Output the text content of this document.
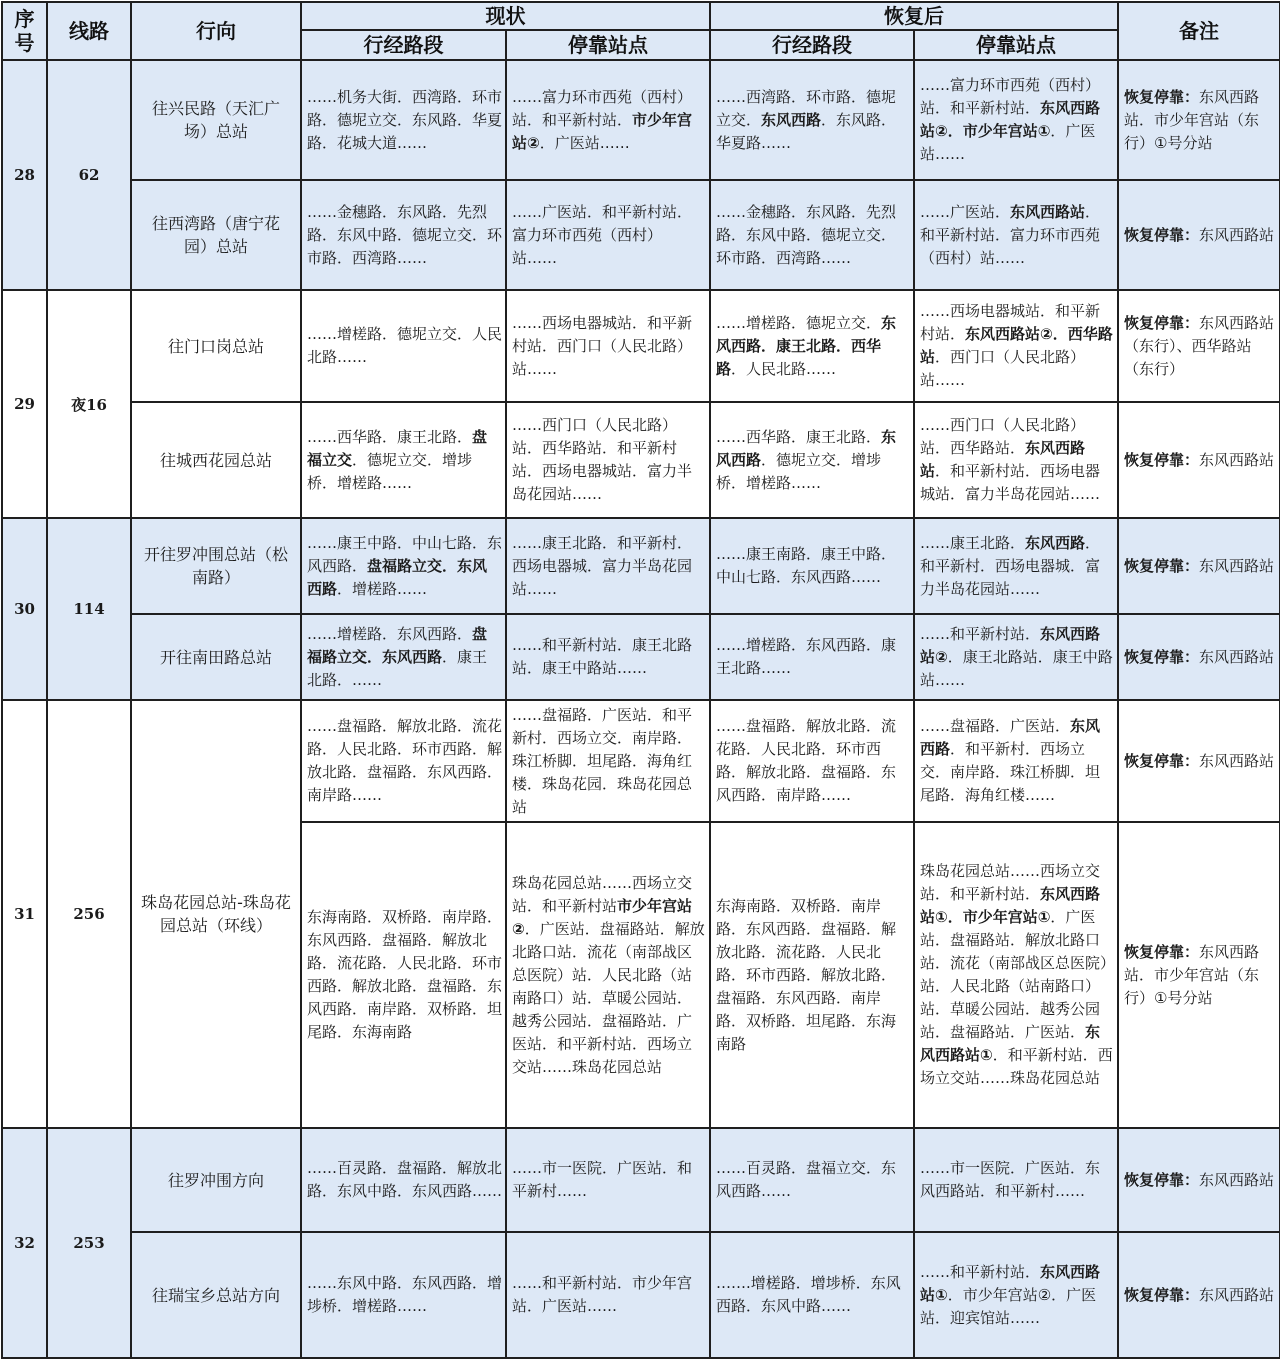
序
号	线路	行向	现状		恢复后		备注
			行经路段	停靠站点	行经路段	停靠站点	
28	62	往兴民路（天汇广场）总站	……机务大街．西湾路．环市路．德坭立交．东风路．华夏路．花城大道……	……富力环市西苑（西村）站．和平新村站．市少年宫站②．广医站……	……西湾路．环市路．德坭立交．东风西路．东风路．华夏路……	……富力环市西苑（西村）站．和平新村站．东风西路站②．市少年宫站①．广医站……	恢复停靠：东风西路站．市少年宫站（东行）①号分站
		往西湾路（唐宁花园）总站	……金穗路．东风路．先烈路．东风中路．德坭立交．环市路．西湾路……	……广医站．和平新村站．富力环市西苑（西村）站……	……金穗路．东风路．先烈路．东风中路．德坭立交．环市路．西湾路……	……广医站．东风西路站．和平新村站．富力环市西苑（西村）站……	恢复停靠：东风西路站
29	夜16	往门口岗总站	……增槎路．德坭立交．人民北路……	……西场电器城站．和平新村站．西门口（人民北路）站……	……增槎路．德坭立交．东风西路．康王北路．西华路．人民北路……	……西场电器城站．和平新村站．东风西路站②．西华路站．西门口（人民北路）站……	恢复停靠：东风西路站（东行）、西华路站（东行）
		往城西花园总站	……西华路．康王北路．盘福立交．德坭立交．增埗桥．增槎路……	……西门口（人民北路）站．西华路站．和平新村站．西场电器城站．富力半岛花园站……	……西华路．康王北路．东风西路．德坭立交．增埗桥．增槎路……	……西门口（人民北路）站．西华路站．东风西路站．和平新村站．西场电器城站．富力半岛花园站……	恢复停靠：东风西路站
30	114	开往罗冲围总站（松南路）	……康王中路．中山七路．东风西路．盘福路立交．东风西路．增槎路……	……康王北路．和平新村．西场电器城．富力半岛花园站……	……康王南路．康王中路．中山七路．东风西路……	……康王北路．东风西路．和平新村．西场电器城．富力半岛花园站……	恢复停靠：东风西路站
		开往南田路总站	……增槎路．东风西路．盘福路立交．东风西路．康王北路．……	……和平新村站．康王北路站．康王中路站……	……增槎路．东风西路．康王北路……	……和平新村站．东风西路站②．康王北路站．康王中路站……	恢复停靠：东风西路站
31	256	珠岛花园总站-珠岛花园总站（环线）	……盘福路．解放北路．流花路．人民北路．环市西路．解放北路．盘福路．东风西路．南岸路……	……盘福路．广医站．和平新村．西场立交．南岸路．珠江桥脚．坦尾路．海角红楼．珠岛花园．珠岛花园总站	……盘福路．解放北路．流花路．人民北路．环市西路．解放北路．盘福路．东风西路．南岸路……	……盘福路．广医站．东风西路．和平新村．西场立交．南岸路．珠江桥脚．坦尾路．海角红楼……	恢复停靠：东风西路站
			东海南路．双桥路．南岸路．东风西路．盘福路．解放北路．流花路．人民北路．环市西路．解放北路．盘福路．东风西路．南岸路．双桥路．坦尾路．东海南路	珠岛花园总站……西场立交站．和平新村站市少年宫站②．广医站．盘福路站．解放北路口站．流花（南部战区总医院）站．人民北路（站南路口）站．草暖公园站．越秀公园站．盘福路站．广医站．和平新村站．西场立交站……珠岛花园总站	东海南路．双桥路．南岸路．东风西路．盘福路．解放北路．流花路．人民北路．环市西路．解放北路．盘福路．东风西路．南岸路．双桥路．坦尾路．东海南路	珠岛花园总站……西场立交站．和平新村站．东风西路站①．市少年宫站①．广医站．盘福路站．解放北路口站．流花（南部战区总医院）站．人民北路（站南路口）站．草暖公园站．越秀公园站．盘福路站．广医站．东风西路站①．和平新村站．西场立交站……珠岛花园总站	恢复停靠：东风西路站．市少年宫站（东行）①号分站
32	253	往罗冲围方向	……百灵路．盘福路．解放北路．东风中路．东风西路……	……市一医院．广医站．和平新村……	……百灵路．盘福立交．东风西路……	……市一医院．广医站．东风西路站．和平新村……	恢复停靠：东风西路站
		往瑞宝乡总站方向	……东风中路．东风西路．增埗桥．增槎路……	……和平新村站．市少年宫站．广医站……	…….增槎路．增埗桥．东风西路．东风中路……	……和平新村站．东风西路站①．市少年宫站②．广医站．迎宾馆站……	恢复停靠：东风西路站
